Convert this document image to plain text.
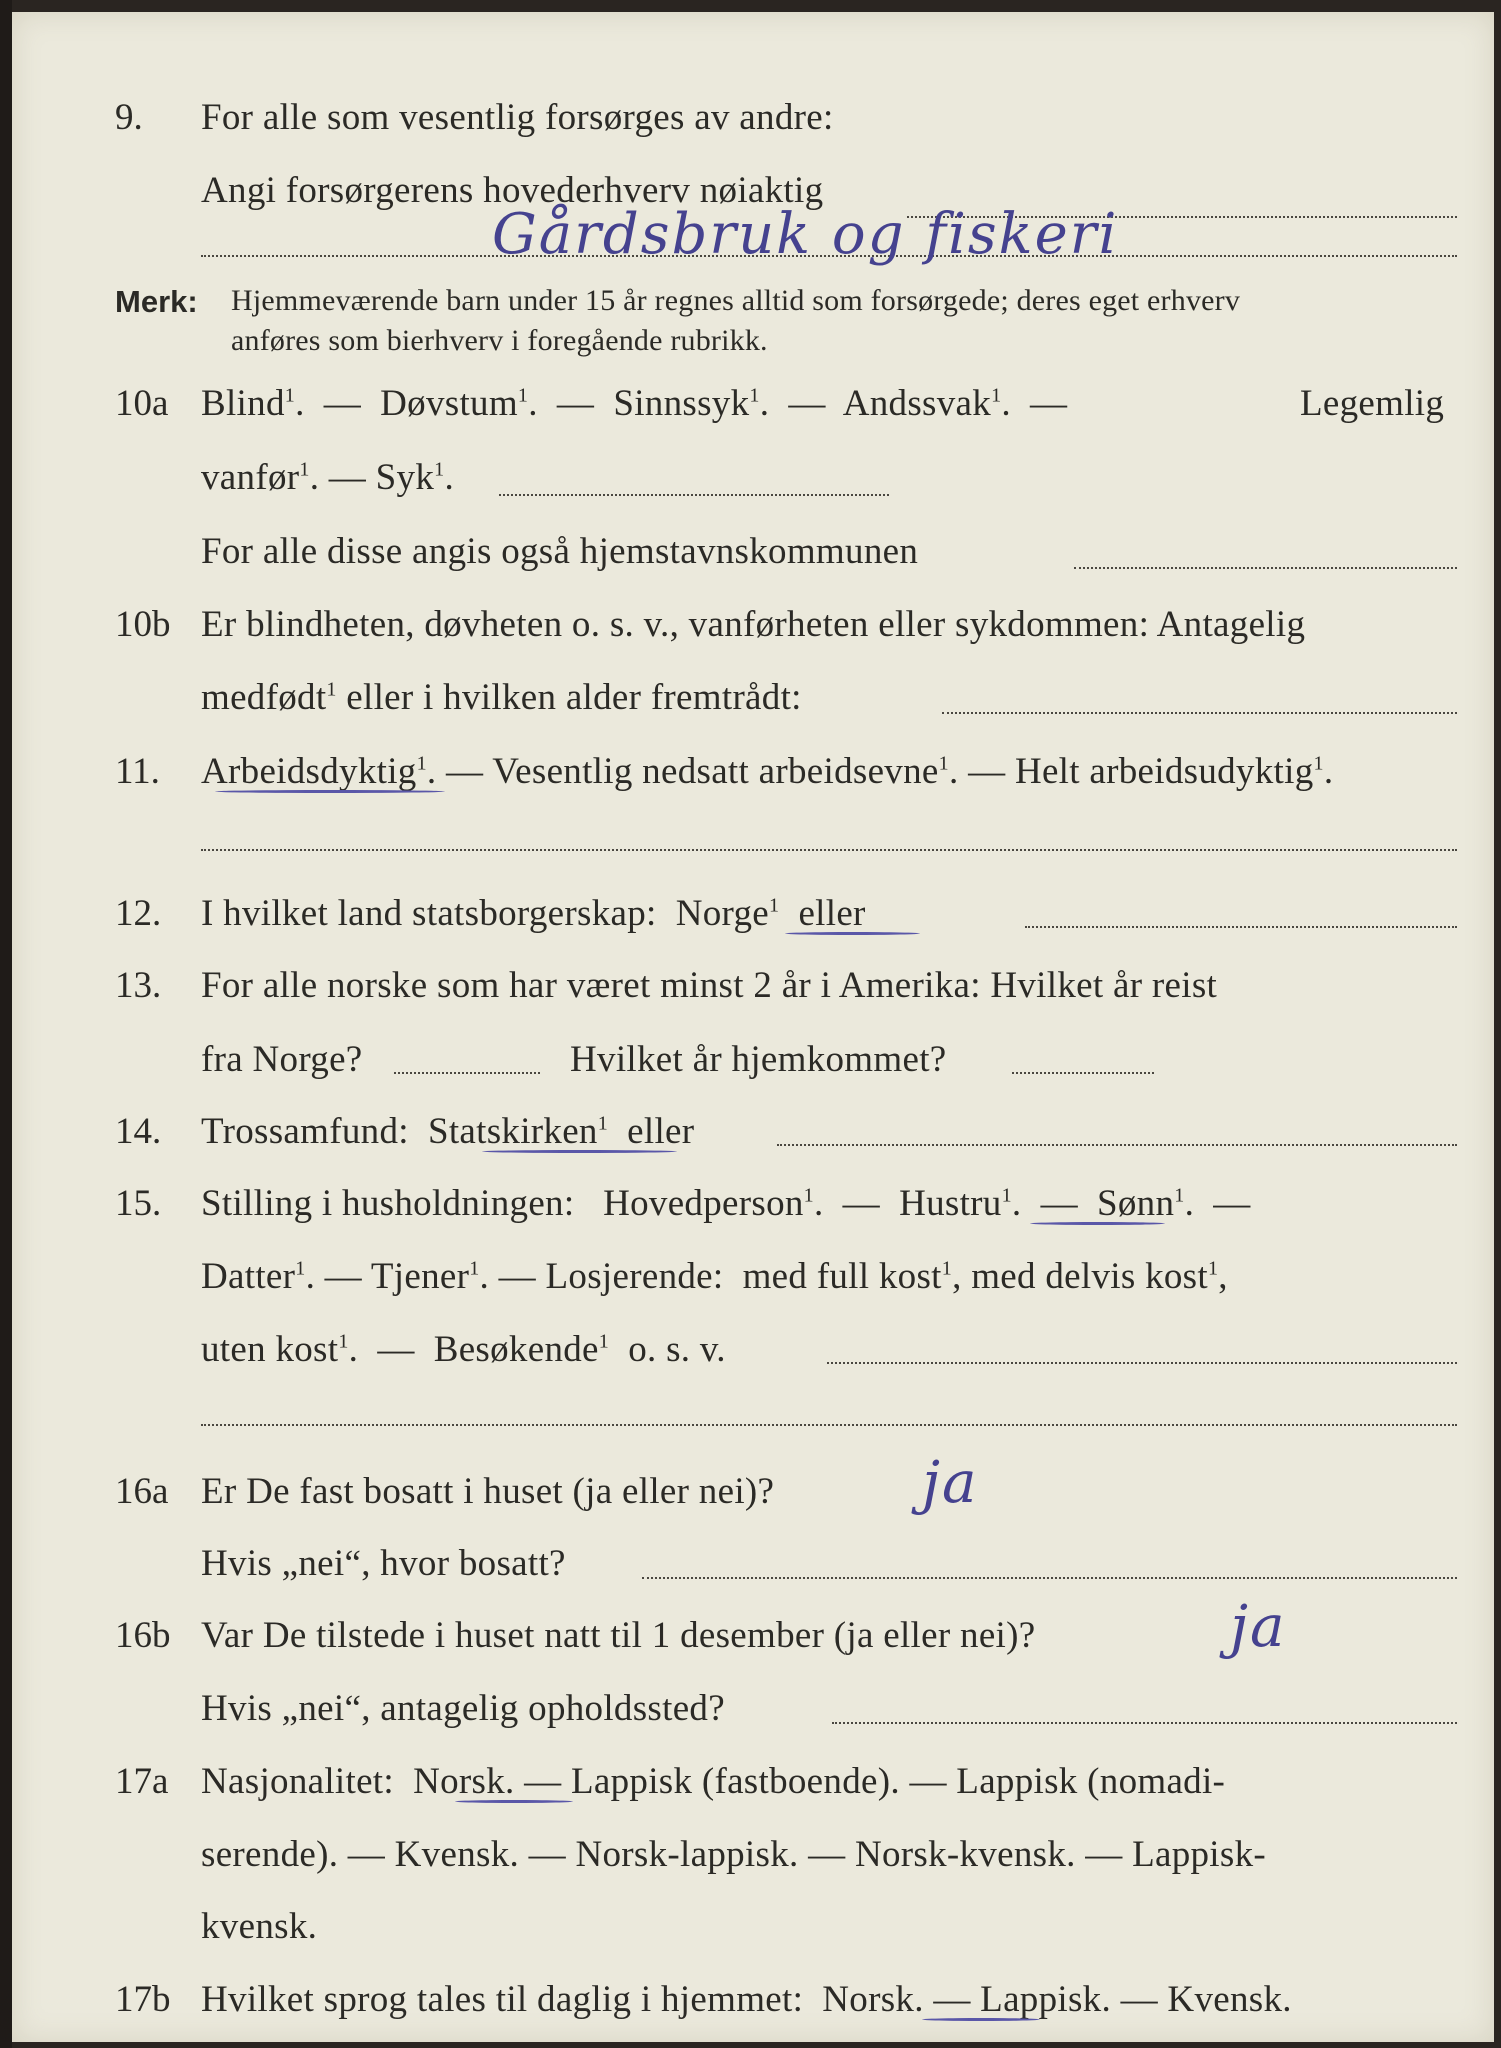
9. For alle som vesentlig forsørges av andre:
Angi forsørgerens hovederhverv nøiaktig
Gårdsbruk og fiskeri
Merk: Hjemmeværende barn under 15 år regnes alltid som forsørgede; deres eget erhverv
anføres som bierhverv i foregående rubrikk.
10a Blind$^1$.  — Døvstum$^1$.  — Sinnssyk$^1$.  — Andssvak$^1$.  —	Legemlig
vanfør$^1$. — Syk$^1$.
For alle disse angis også hjemstavnskommunen
10b Er blindheten, døvheten o. s. v., vanførheten eller sykdommen: Antagelig
medfødt$^1$ eller i hvilken alder fremtrådt:
11. Arbeidsdyktig$^1$. — Vesentlig nedsatt arbeidsevne$^1$. — Helt arbeidsudyktig$^1$.
12. I hvilket land statsborgerskap: Norge$^1$ eller
13. For alle norske som har været minst 2 år i Amerika: Hvilket år reist
fra Norge?	Hvilket år hjemkommet?
14. Trossamfund: Statskirken$^1$ eller
15. Stilling i husholdningen: Hovedperson$^1$.  — Hustru$^1$.  — Sønn$^1$.  —
Datter$^1$. — Tjener$^1$. — Losjerende: med full kost$^1$, med delvis kost$^1$,
uten kost$^1$.  — Besøkende$^1$ o. s. v.
16a Er De fast bosatt i huset (ja eller nei)?	ja
Hvis „nei“, hvor bosatt?
16b Var De tilstede i huset natt til 1 desember (ja eller nei)?	ja
Hvis „nei“, antagelig opholdssted?
17a Nasjonalitet: Norsk. — Lappisk (fastboende). — Lappisk (nomadi-
serende). — Kvensk. — Norsk-lappisk. — Norsk-kvensk. — Lappisk-
kvensk.
17b Hvilket sprog tales til daglig i hjemmet: Norsk. — Lappisk. — Kvensk.
